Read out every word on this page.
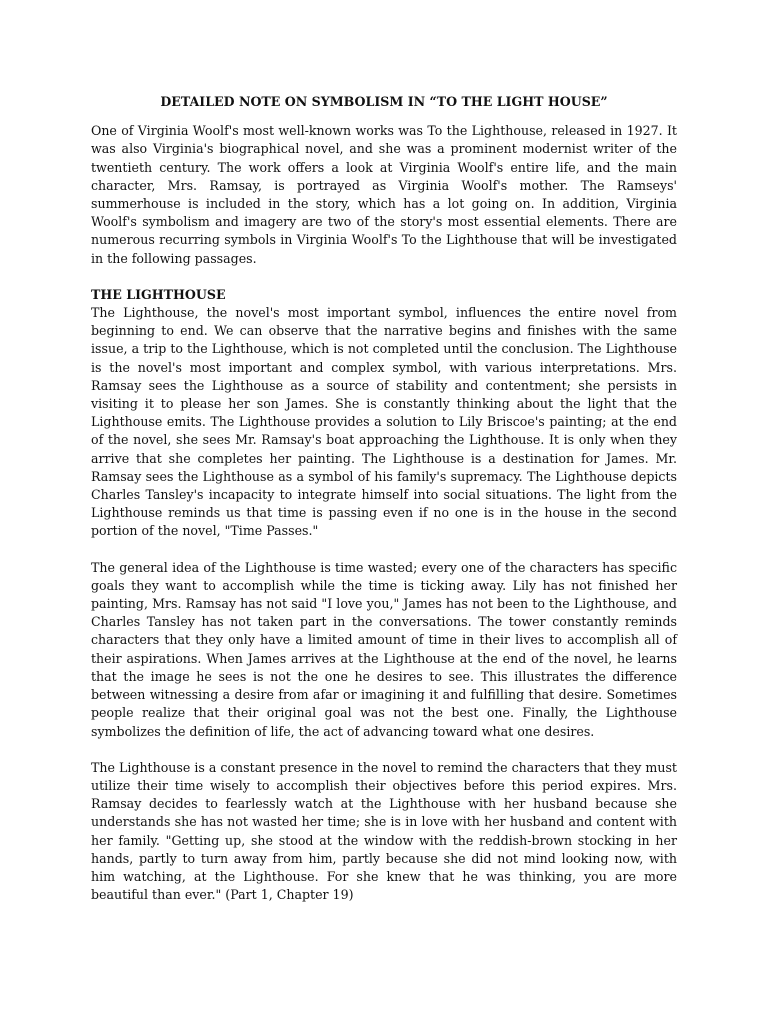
DETAILED NOTE ON SYMBOLISM IN “TO THE LIGHT HOUSE”

One of Virginia Woolf's most well-known works was To the Lighthouse, released in 1927. It was also Virginia's biographical novel, and she was a prominent modernist writer of the twentieth century. The work offers a look at Virginia Woolf's entire life, and the main character, Mrs. Ramsay, is portrayed as Virginia Woolf's mother. The Ramseys' summerhouse is included in the story, which has a lot going on. In addition, Virginia Woolf's symbolism and imagery are two of the story's most essential elements. There are numerous recurring symbols in Virginia Woolf's To the Lighthouse that will be investigated in the following passages.

THE LIGHTHOUSE

The Lighthouse, the novel's most important symbol, influences the entire novel from beginning to end. We can observe that the narrative begins and finishes with the same issue, a trip to the Lighthouse, which is not completed until the conclusion. The Lighthouse is the novel's most important and complex symbol, with various interpretations. Mrs. Ramsay sees the Lighthouse as a source of stability and contentment; she persists in visiting it to please her son James. She is constantly thinking about the light that the Lighthouse emits. The Lighthouse provides a solution to Lily Briscoe's painting; at the end of the novel, she sees Mr. Ramsay's boat approaching the Lighthouse. It is only when they arrive that she completes her painting. The Lighthouse is a destination for James. Mr. Ramsay sees the Lighthouse as a symbol of his family's supremacy. The Lighthouse depicts Charles Tansley's incapacity to integrate himself into social situations. The light from the Lighthouse reminds us that time is passing even if no one is in the house in the second portion of the novel, "Time Passes."

The general idea of the Lighthouse is time wasted; every one of the characters has specific goals they want to accomplish while the time is ticking away. Lily has not finished her painting, Mrs. Ramsay has not said "I love you," James has not been to the Lighthouse, and Charles Tansley has not taken part in the conversations. The tower constantly reminds characters that they only have a limited amount of time in their lives to accomplish all of their aspirations. When James arrives at the Lighthouse at the end of the novel, he learns that the image he sees is not the one he desires to see. This illustrates the difference between witnessing a desire from afar or imagining it and fulfilling that desire. Sometimes people realize that their original goal was not the best one. Finally, the Lighthouse symbolizes the definition of life, the act of advancing toward what one desires.

The Lighthouse is a constant presence in the novel to remind the characters that they must utilize their time wisely to accomplish their objectives before this period expires. Mrs. Ramsay decides to fearlessly watch at the Lighthouse with her husband because she understands she has not wasted her time; she is in love with her husband and content with her family. "Getting up, she stood at the window with the reddish-brown stocking in her hands, partly to turn away from him, partly because she did not mind looking now, with him watching, at the Lighthouse. For she knew that he was thinking, you are more beautiful than ever." (Part 1, Chapter 19)
